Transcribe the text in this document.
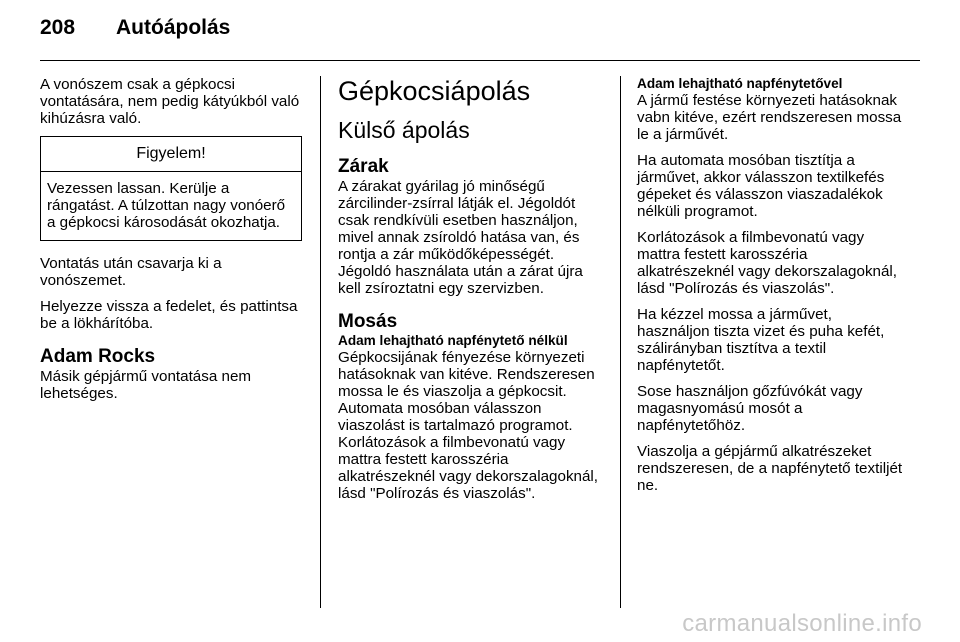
208 Autóápolás

A vonószem csak a gépkocsi vontatására, nem pedig kátyúkból való kihúzásra való.

Figyelem!
Vezessen lassan. Kerülje a rángatást. A túlzottan nagy vonóerő a gépkocsi károsodását okozhatja.

Vontatás után csavarja ki a vonószemet.

Helyezze vissza a fedelet, és pattintsa be a lökhárítóba.

Adam Rocks

Másik gépjármű vontatása nem lehetséges.

Gépkocsiápolás
Külső ápolás
Zárak

A zárakat gyárilag jó minőségű zárcilinder-zsírral látják el. Jégoldót csak rendkívüli esetben használjon, mivel annak zsíroldó hatása van, és rontja a zár működőképességét. Jégoldó használata után a zárat újra kell zsíroztatni egy szervizben.

Mosás
Adam lehajtható napfénytető nélkül

Gépkocsijának fényezése környezeti hatásoknak van kitéve. Rendszeresen mossa le és viaszolja a gépkocsit. Automata mosóban válasszon viaszolást is tartalmazó programot. Korlátozások a filmbevonatú vagy mattra festett karosszéria alkatrészeknél vagy dekorszalagoknál, lásd "Polírozás és viaszolás".

Adam lehajtható napfénytetővel

A jármű festése környezeti hatásoknak vabn kitéve, ezért rendszeresen mossa le a járművét.

Ha automata mosóban tisztítja a járművet, akkor válasszon textilkefés gépeket és válasszon viaszadalékok nélküli programot.

Korlátozások a filmbevonatú vagy mattra festett karosszéria alkatrészeknél vagy dekorszalagoknál, lásd "Polírozás és viaszolás".

Ha kézzel mossa a járművet, használjon tiszta vizet és puha kefét, szálirányban tisztítva a textil napfénytetőt.

Sose használjon gőzfúvókát vagy magasnyomású mosót a napfénytetőhöz.

Viaszolja a gépjármű alkatrészeket rendszeresen, de a napfénytető textiljét ne.

carmanualsonline.info
